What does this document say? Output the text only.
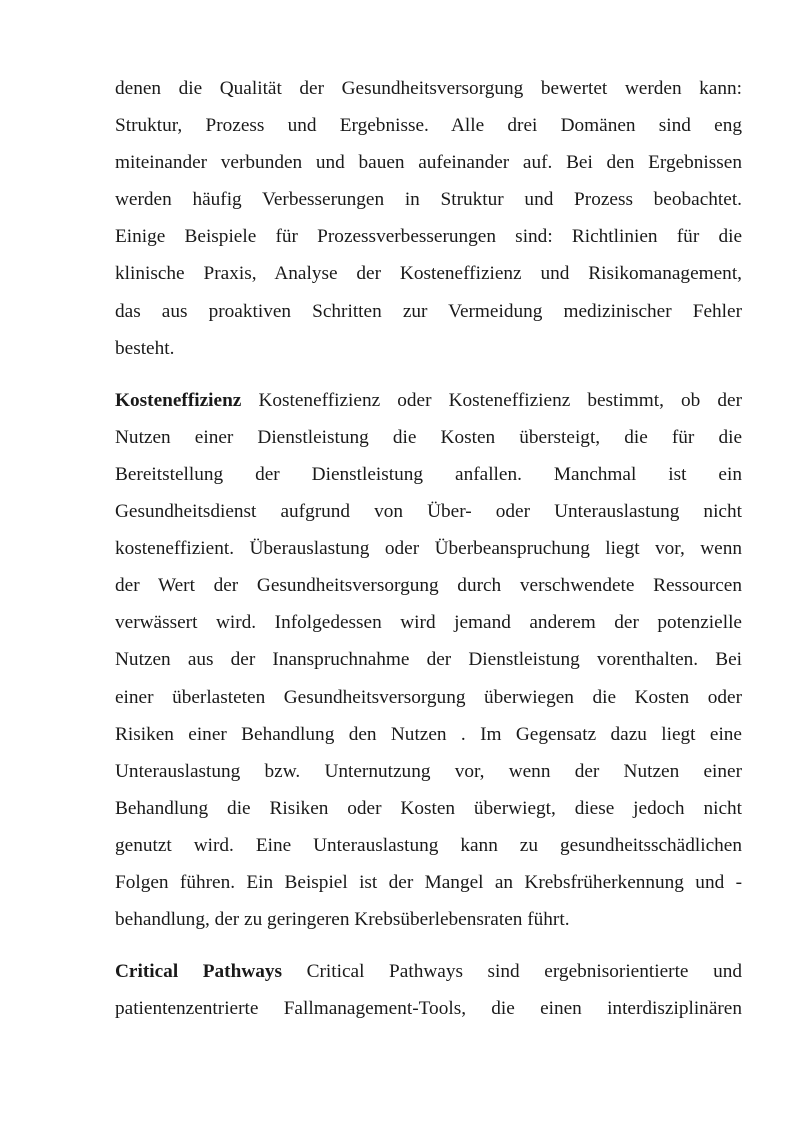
denen die Qualität der Gesundheitsversorgung bewertet werden kann:
Struktur, Prozess und Ergebnisse. Alle drei Domänen sind eng
miteinander verbunden und bauen aufeinander auf. Bei den Ergebnissen
werden häufig Verbesserungen in Struktur und Prozess beobachtet.
Einige Beispiele für Prozessverbesserungen sind: Richtlinien für die
klinische Praxis, Analyse der Kosteneffizienz und Risikomanagement,
das aus proaktiven Schritten zur Vermeidung medizinischer Fehler
besteht.

Kosteneffizienz Kosteneffizienz oder Kosteneffizienz bestimmt, ob der
Nutzen einer Dienstleistung die Kosten übersteigt, die für die
Bereitstellung der Dienstleistung anfallen. Manchmal ist ein
Gesundheitsdienst aufgrund von Über- oder Unterauslastung nicht
kosteneffizient. Überauslastung oder Überbeanspruchung liegt vor, wenn
der Wert der Gesundheitsversorgung durch verschwendete Ressourcen
verwässert wird. Infolgedessen wird jemand anderem der potenzielle
Nutzen aus der Inanspruchnahme der Dienstleistung vorenthalten. Bei
einer überlasteten Gesundheitsversorgung überwiegen die Kosten oder
Risiken einer Behandlung den Nutzen . Im Gegensatz dazu liegt eine
Unterauslastung bzw. Unternutzung vor, wenn der Nutzen einer
Behandlung die Risiken oder Kosten überwiegt, diese jedoch nicht
genutzt wird. Eine Unterauslastung kann zu gesundheitsschädlichen
Folgen führen. Ein Beispiel ist der Mangel an Krebsfrüherkennung und -
behandlung, der zu geringeren Krebsüberlebensraten führt.

Critical Pathways Critical Pathways sind ergebnisorientierte und
patientenzentrierte Fallmanagement-Tools, die einen interdisziplinären
